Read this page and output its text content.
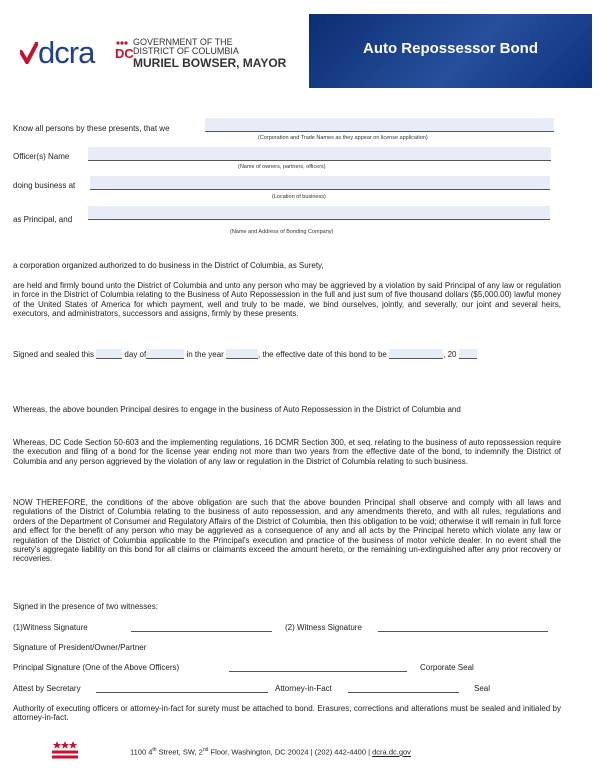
dcra DC
GOVERNMENT OF THE
DISTRICT OF COLUMBIA
MURIEL BOWSER, MAYOR
Auto Repossessor Bond
Know all persons by these presents, that we
(Corporation and Trade Names as they appear on license application)
Officer(s) Name
(Name of owners, partners, officers)
doing business at
(Location of business)
as Principal, and
(Name and Address of Bonding Company)
a corporation organized authorized to do business in the District of Columbia, as Surety,
are held and firmly bound unto the District of Columbia and unto any person who may be aggrieved by a violation by said Principal of any law or regulation in force in the District of Columbia relating to the Business of Auto Repossession in the full and just sum of five thousand dollars ($5,000.00) lawful money of the United States of America for which payment, well and truly to be made, we bind ourselves, jointly, and severally, our joint and several heirs, executors, and administrators, successors and assigns, firmly by these presents.
Signed and sealed this	day of	in the year	, the effective date of this bond to be	, 20
Whereas, the above bounden Principal desires to engage in the business of Auto Repossession in the District of Columbia and
Whereas, DC Code Section 50-603 and the implementing regulations, 16 DCMR Section 300, et seq. relating to the business of auto repossession require the execution and filing of a bond for the license year ending not more than two years from the effective date of the bond, to indemnify the District of Columbia and any person aggrieved by the violation of any law or regulation in the District of Columbia relating to such business.
NOW THEREFORE, the conditions of the above obligation are such that the above bounden Principal shall observe and comply with all laws and regulations of the District of Columbia relating to the business of auto repossession, and any amendments thereto, and with all rules, regulations and orders of the Department of Consumer and Regulatory Affairs of the District of Columbia, then this obligation to be void; otherwise it will remain in full force and effect for the benefit of any person who may be aggrieved as a consequence of any and all acts by the Principal hereto which violate any law or regulation of the District of Columbia applicable to the Principal's execution and practice of the business of motor vehicle dealer. In no event shall the surety's aggregate liability on this bond for all claims or claimants exceed the amount hereto, or the remaining un-extinguished after any prior recovery or recoveries.
Signed in the presence of two witnesses:
(1)Witness Signature	(2) Witness Signature
Signature of President/Owner/Partner
Principal Signature (One of the Above Officers)	Corporate Seal
Attest by Secretary	Attorney-in-Fact	Seal
Authority of executing officers or attorney-in-fact for surety must be attached to bond. Erasures, corrections and alterations must be sealed and initialed by attorney-in-fact.
1100 4th Street, SW, 2nd Floor, Washington, DC 20024 | (202) 442-4400 | dcra.dc.gov
